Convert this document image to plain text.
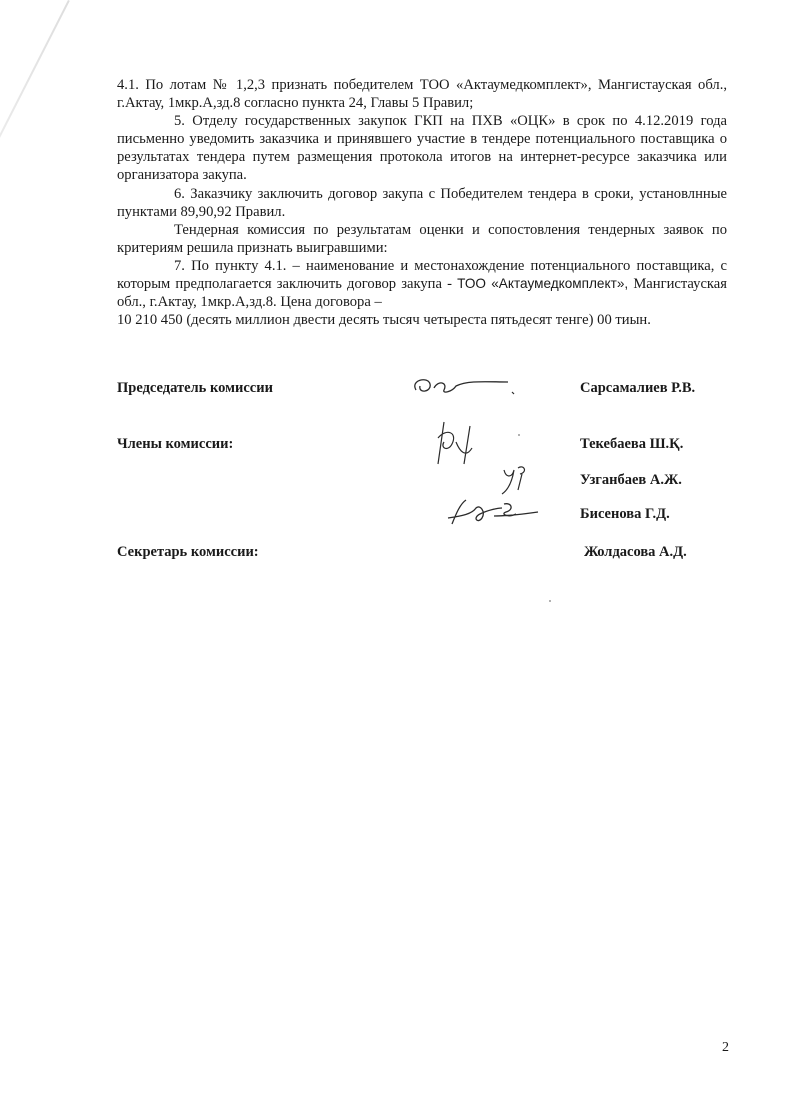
4.1. По лотам № 1,2,3 признать победителем ТОО «Актаумедкомплект», Мангистауская обл., г.Актау, 1мкр.А,зд.8 согласно пункта 24, Главы 5 Правил;

5. Отделу государственных закупок ГКП на ПХВ «ОЦК» в срок по 4.12.2019 года письменно уведомить заказчика и принявшего участие в тендере потенциального поставщика о результатах тендера путем размещения протокола итогов на интернет-ресурсе заказчика или организатора закупа.

6. Заказчику заключить договор закупа с Победителем тендера в сроки, установлнные пунктами 89,90,92 Правил.

Тендерная комиссия по результатам оценки и сопостовления тендерных заявок по критериям решила признать выигравшими:

7. По пункту 4.1. – наименование и местонахождение потенциального поставщика, с которым предполагается заключить договор закупа - ТОО «Актаумедкомплект», Мангистауская обл., г.Актау, 1мкр.А,зд.8. Цена договора –

10 210 450 (десять миллион двести десять тысяч четыреста пятьдесят тенге) 00 тиын.

Председатель комиссии	Сарсамалиев Р.В.
Члены комиссии:	Текебаева Ш.Қ.
Узганбаев А.Ж.
Бисенова Г.Д.
Секретарь комиссии:	Жолдасова А.Д.
2
